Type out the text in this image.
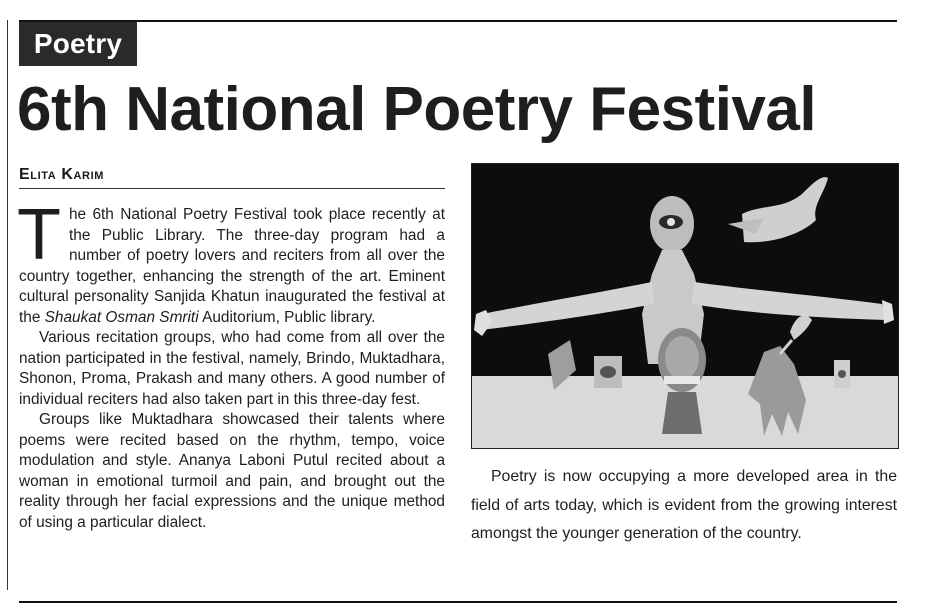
Poetry
6th National Poetry Festival
Elita Karim

The 6th National Poetry Festival took place recently at the Public Library. The three-day program had a number of poetry lovers and reciters from all over the country together, enhancing the strength of the art. Eminent cultural personality Sanjida Khatun inaugurated the festival at the Shaukat Osman Smriti Auditorium, Public library.

Various recitation groups, who had come from all over the nation participated in the festival, namely, Brindo, Muktadhara, Shonon, Proma, Prakash and many others. A good number of individual reciters had also taken part in this three-day fest.

Groups like Muktadhara showcased their talents where poems were recited based on the rhythm, tempo, voice modulation and style. Ananya Laboni Putul recited about a woman in emotional turmoil and pain, and brought out the reality through her facial expressions and the unique method of using a particular dialect.

Poetry is now occupying a more developed area in the field of arts today, which is evident from the growing interest amongst the younger generation of the country.
